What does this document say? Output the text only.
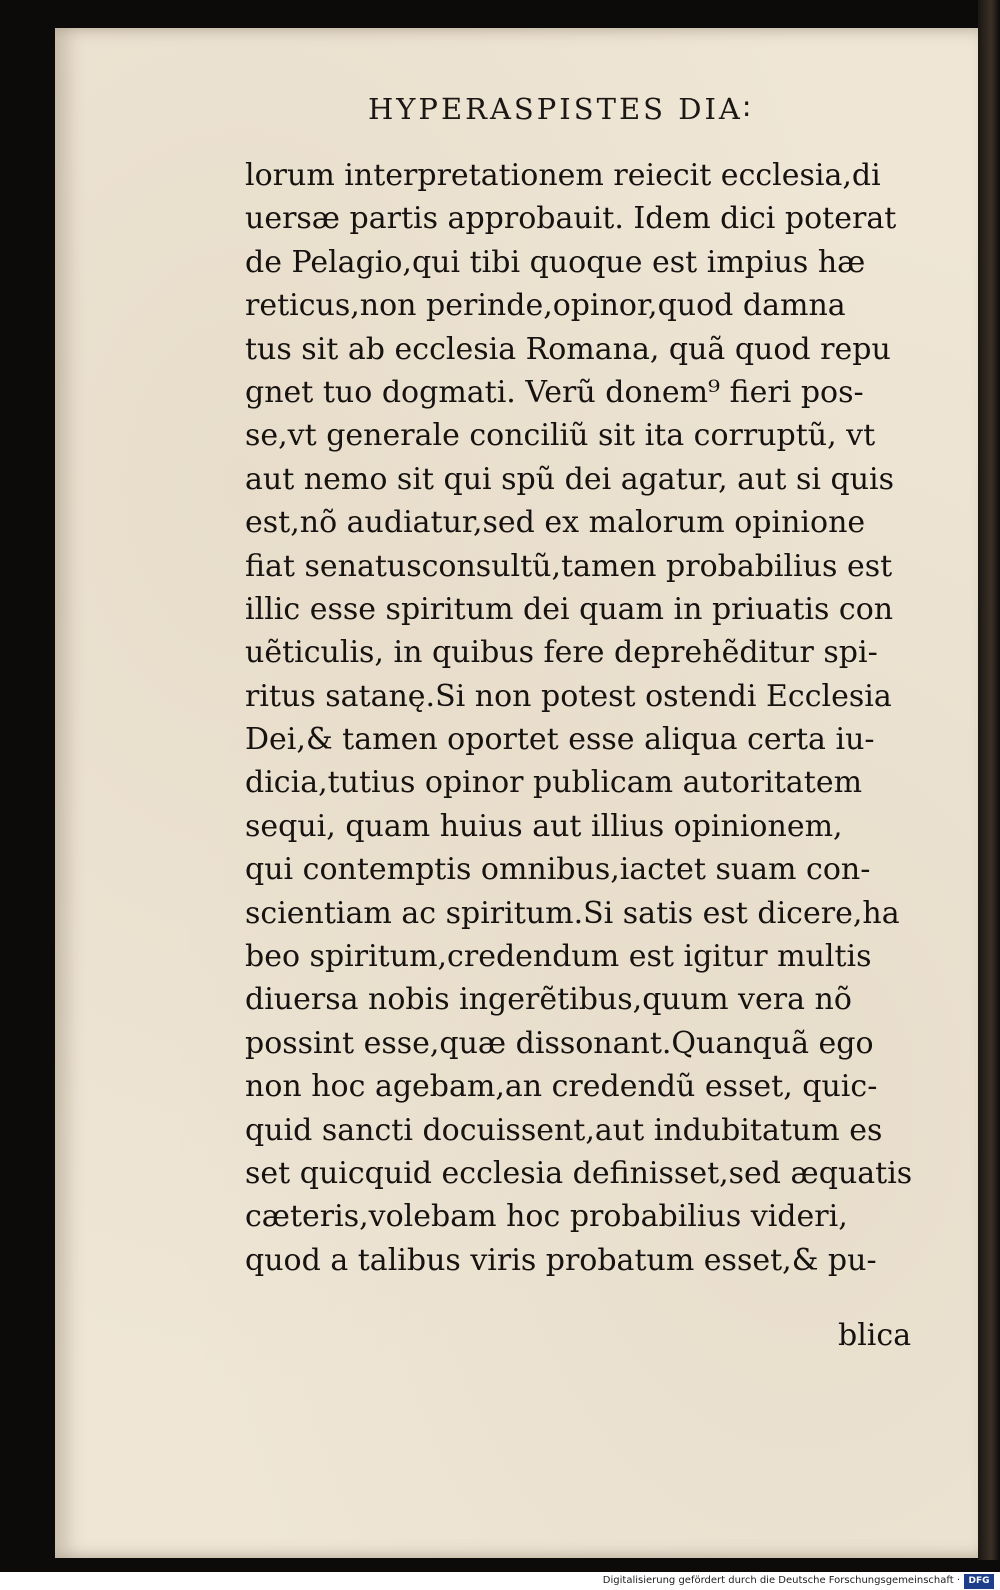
HYPERASPISTES DIA∶
lorum interpretationem reiecit ecclesia,di
uersæ partis approbauit. Idem dici poterat
de Pelagio,qui tibi quoque est impius hæ
reticus,non perinde,opinor,quod damna
tus sit ab ecclesia Romana, quã quod repu
gnet tuo dogmati. Verũ donem⁹ fieri pos-
se,vt generale conciliũ sit ita corruptũ, vt
aut nemo sit qui spũ dei agatur, aut si quis
est,nõ audiatur,sed ex malorum opinione
fiat senatusconsultũ,tamen probabilius est
illic esse spiritum dei quam in priuatis con
uẽticulis, in quibus fere deprehẽditur spi-
ritus satanę.Si non potest ostendi Ecclesia
Dei,& tamen oportet esse aliqua certa iu-
dicia,tutius opinor publicam autoritatem
sequi, quam huius aut illius opinionem,
qui contemptis omnibus,iactet suam con-
scientiam ac spiritum.Si satis est dicere,ha
beo spiritum,credendum est igitur multis
diuersa nobis ingerẽtibus,quum vera nõ
possint esse,quæ dissonant.Quanquã ego
non hoc agebam,an credendũ esset, quic-
quid sancti docuissent,aut indubitatum es
set quicquid ecclesia definisset,sed æquatis
cæteris,volebam hoc probabilius videri,
quod a talibus viris probatum esset,& pu-
blica
Digitalisierung gefördert durch die Deutsche Forschungsgemeinschaft · DFG
